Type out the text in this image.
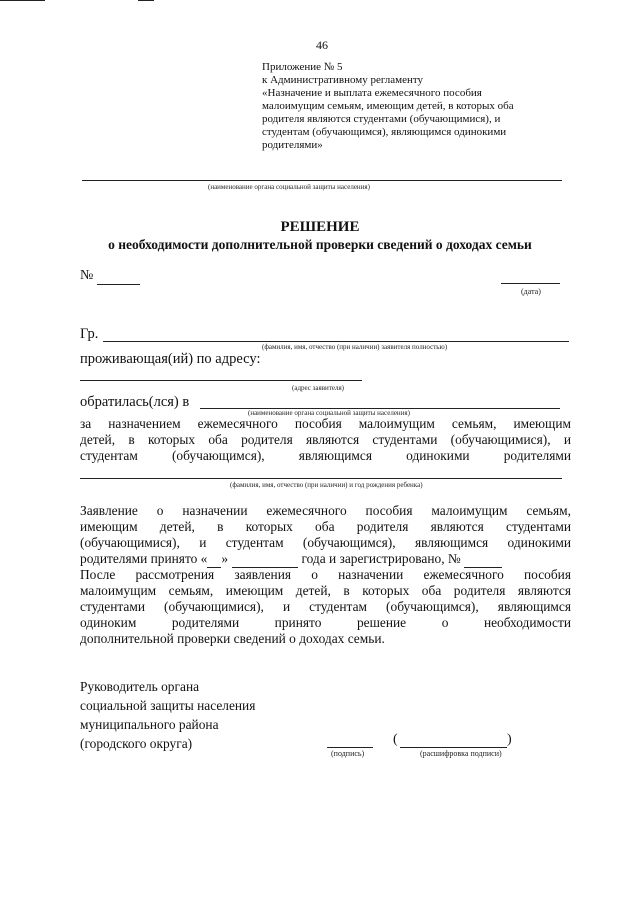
46
Приложение № 5
к Административному регламенту
«Назначение и выплата ежемесячного пособия
малоимущим семьям, имеющим детей, в которых оба
родителя являются студентами (обучающимися), и
студентам (обучающимся), являющимся одинокими
родителями»
(наименование органа социальной защиты населения)
РЕШЕНИЕ
о необходимости дополнительной проверки сведений о доходах семьи
№
(дата)
Гр.
(фамилия, имя, отчество (при наличии) заявителя полностью)
проживающая(ий) по адресу:
(адрес заявителя)
обратилась(лся) в
(наименование органа социальной защиты населения)
за назначением ежемесячного пособия малоимущим семьям, имеющим
детей, в которых оба родителя являются студентами (обучающимися), и
студентам (обучающимся), являющимся одинокими родителями
(фамилия, имя, отчество (при наличии) и год рождения ребенка)
Заявление о назначении ежемесячного пособия малоимущим семьям,
имеющим детей, в которых оба родителя являются студентами
(обучающимися), и студентам (обучающимся), являющимся одинокими
родителями принято « »	года и зарегистрировано, №
После рассмотрения заявления о назначении ежемесячного пособия
малоимущим семьям, имеющим детей, в которых оба родителя являются
студентами (обучающимися), и студентам (обучающимся), являющимся
одиноким родителями принято решение о необходимости
дополнительной проверки сведений о доходах семьи.
Руководитель органа
социальной защиты населения
муниципального района
(городского округа)
(подпись)
(	)
(расшифровка подписи)
